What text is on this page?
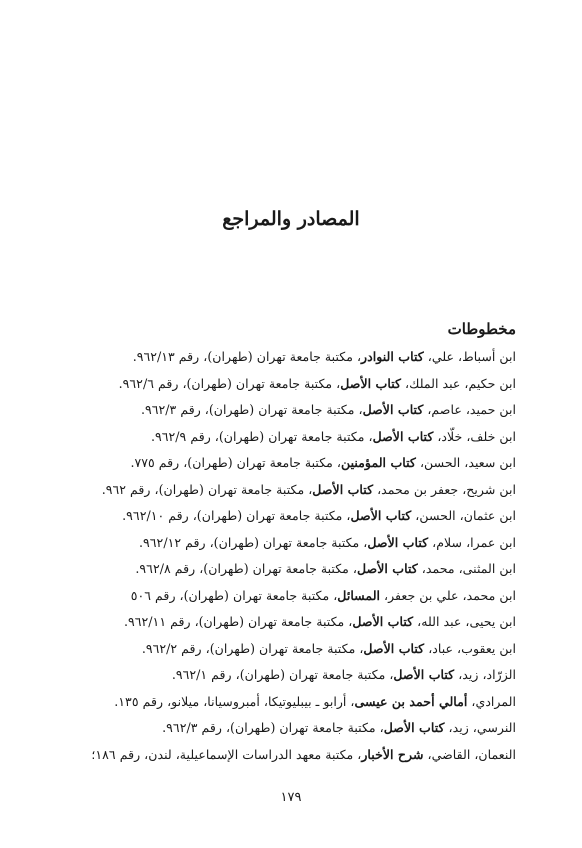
المصادر والمراجع
مخطوطات
ابن أسباط، علي، كتاب النوادر، مكتبة جامعة تهران (طهران)، رقم ٩٦٢/١٣.
ابن حكيم، عبد الملك، كتاب الأصل، مكتبة جامعة تهران (طهران)، رقم ٩٦٢/٦.
ابن حميد، عاصم، كتاب الأصل، مكتبة جامعة تهران (طهران)، رقم ٩٦٢/٣.
ابن خلف، خلّاد، كتاب الأصل، مكتبة جامعة تهران (طهران)، رقم ٩٦٢/٩.
ابن سعيد، الحسن، كتاب المؤمنين، مكتبة جامعة تهران (طهران)، رقم ٧٧٥.
ابن شريح، جعفر بن محمد، كتاب الأصل، مكتبة جامعة تهران (طهران)، رقم ٩٦٢.
ابن عثمان، الحسن، كتاب الأصل، مكتبة جامعة تهران (طهران)، رقم ٩٦٢/١٠.
ابن عمرا، سلام، كتاب الأصل، مكتبة جامعة تهران (طهران)، رقم ٩٦٢/١٢.
ابن المثنى، محمد، كتاب الأصل، مكتبة جامعة تهران (طهران)، رقم ٩٦٢/٨.
ابن محمد، علي بن جعفر، المسائل، مكتبة جامعة تهران (طهران)، رقم ٥٠٦
ابن يحيى، عبد الله، كتاب الأصل، مكتبة جامعة تهران (طهران)، رقم ٩٦٢/١١.
ابن يعقوب، عباد، كتاب الأصل، مكتبة جامعة تهران (طهران)، رقم ٩٦٢/٢.
الزرّاد، زيد، كتاب الأصل، مكتبة جامعة تهران (طهران)، رقم ٩٦٢/١.
المرادي، أمالي أحمد بن عيسى، أرابو ـ بيبليوتيكا، أمبروسيانا، ميلانو، رقم ١٣٥.
النرسي، زيد، كتاب الأصل، مكتبة جامعة تهران (طهران)، رقم ٩٦٢/٣.
النعمان، القاضي، شرح الأخبار، مكتبة معهد الدراسات الإسماعيلية، لندن، رقم ١٨٦؛
١٧٩
